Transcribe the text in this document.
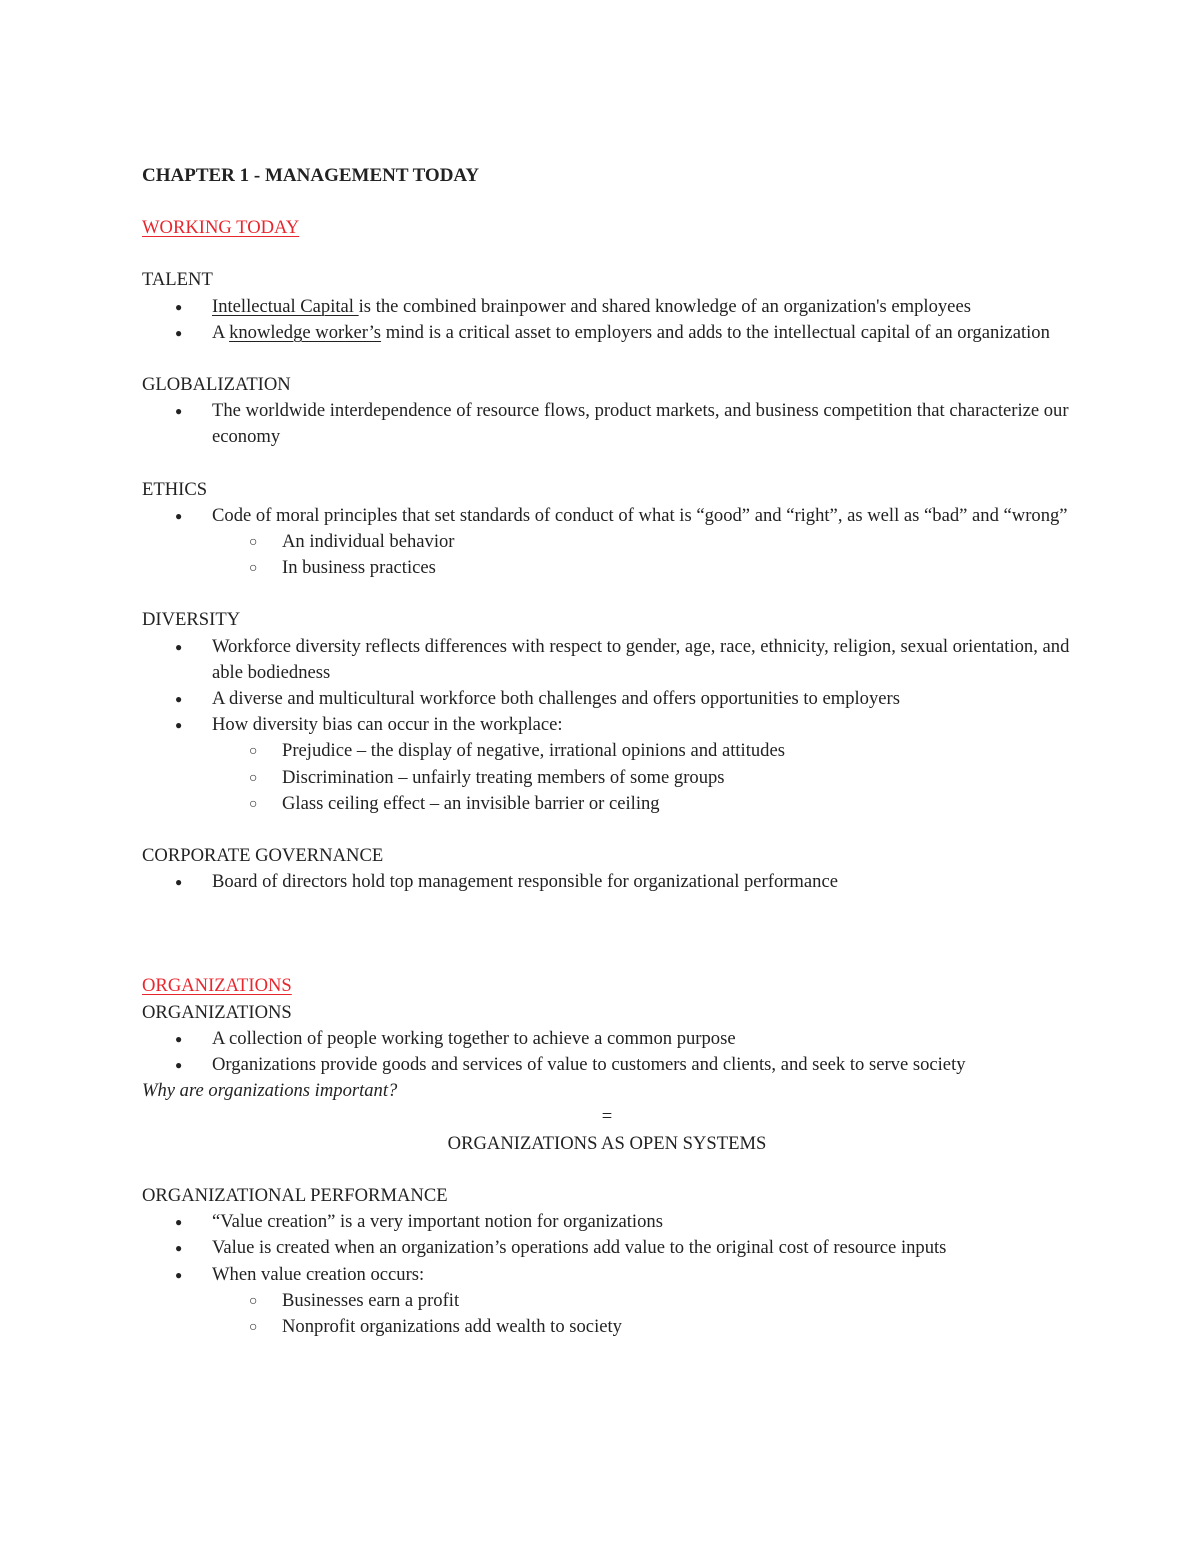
CHAPTER 1 - MANAGEMENT TODAY

WORKING TODAY

TALENT

● Intellectual Capital is the combined brainpower and shared knowledge of an organization's employees
● A knowledge worker’s mind is a critical asset to employers and adds to the intellectual capital of an organization

GLOBALIZATION

● The worldwide interdependence of resource flows, product markets, and business competition that characterize our economy

ETHICS

● Code of moral principles that set standards of conduct of what is “good” and “right”, as well as “bad” and “wrong”
○ An individual behavior
○ In business practices

DIVERSITY

● Workforce diversity reflects differences with respect to gender, age, race, ethnicity, religion, sexual orientation, and able bodiedness
● A diverse and multicultural workforce both challenges and offers opportunities to employers
● How diversity bias can occur in the workplace:
○ Prejudice – the display of negative, irrational opinions and attitudes
○ Discrimination – unfairly treating members of some groups
○ Glass ceiling effect – an invisible barrier or ceiling

CORPORATE GOVERNANCE

● Board of directors hold top management responsible for organizational performance

ORGANIZATIONS

ORGANIZATIONS

● A collection of people working together to achieve a common purpose
● Organizations provide goods and services of value to customers and clients, and seek to serve society

Why are organizations important?

=

ORGANIZATIONS AS OPEN SYSTEMS

ORGANIZATIONAL PERFORMANCE

● “Value creation” is a very important notion for organizations
● Value is created when an organization’s operations add value to the original cost of resource inputs
● When value creation occurs:
○ Businesses earn a profit
○ Nonprofit organizations add wealth to society
